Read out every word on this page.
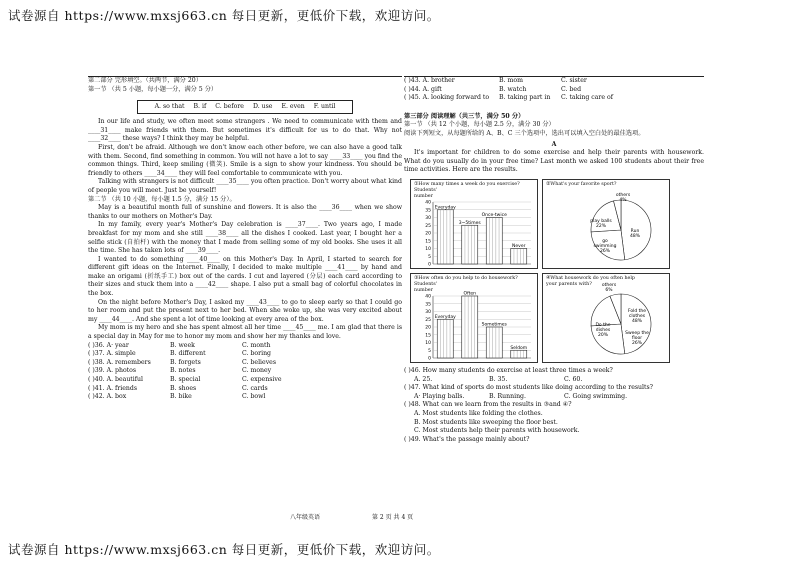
试卷源自 https://www.mxsj663.cn 每日更新，更低价下载，欢迎访问。
第二部分 完形填空。（共两节，满分 20）
第一节 （共 5 小题，每小题一分，满分 5 分）
A. so that B. if C. before D. use E. even F. until
In our life and study, we often meet some strangers . We need to communicate with them and ____31____ make friends with them. But sometimes it's difficult for us to do that. Why not ____32____ these ways? I think they may be helpful.
First, don't be afraid. Although we don't know each other before, we can also have a good talk with them. Second, find something in common. You will not have a lot to say ____33____ you find the common things. Third, keep smiling (微笑). Smile is a sign to show your kindness. You should be friendly to others ____34____ they will feel comfortable to communicate with you.
Talking with strangers is not difficult ____35____ you often practice. Don't worry about what kind of people you will meet. Just be yourself!
第二节 （共 10 小题，每小题 1.5 分，满分 15 分）。
May is a beautiful month full of sunshine and flowers. It is also the ____36____ when we show thanks to our mothers on Mother's Day.
In my family, every year's Mother's Day celebration is ____37____. Two years ago, I made breakfast for my mom and she still ____38____ all the dishes I cooked. Last year, I bought her a selfie stick (自拍杆) with the money that I made from selling some of my old books. She uses it all the time. She has taken lots of ____39____.
I wanted to do something ____40____ on this Mother's Day. In April, I started to search for different gift ideas on the Internet. Finally, I decided to make multiple ____41____ by hand and make an origami (折纸手工) box out of the cards. I cut and layered (分层) each card according to their sizes and stuck them into a ____42____ shape. I also put a small bag of colorful chocolates in the box.
On the night before Mother's Day, I asked my ____43____ to go to sleep early so that I could go to her room and put the present next to her bed. When she woke up, she was very excited about my ____44____. And she spent a lot of time looking at every area of the box.
My mom is my hero and she has spent almost all her time ____45____ me. I am glad that there is a special day in May for me to honor my mom and show her my thanks and love.
( )36. A· year	B. week	C. month
( )37. A. simple	B. different	C. boring
( )38. A. remembers	B. forgets	C. believes
( )39. A. photos	B. notes	C. money
( )40. A. beautiful	B. special	C. expensive
( )41. A. friends	B. shoes	C. cards
( )42. A. box	B. bike	C. bowl
( )43. A. brother	B. mom	C. sister
( )44. A. gift	B. watch	C. bed
( )45. A. looking forward to	B. taking part in	C. taking care of
第三部分 阅读理解（共三节，满分 50 分）
第一节 （共 12 个小题，每小题 2.5 分，满分 30 分）
阅读下列短文，从每题所给的 A、B、C 三个选项中，选出可以填入空白处的最佳选项。
A
It's important for children to do some exercise and help their parents with housework. What do you usually do in your free time? Last month we asked 100 students about their free time activities. Here are the results.
40
35
30
25
20
15
10
5
0
Everyday
3~5times
Once-twice
Never
①How many times a week do you exercise?
Students'
number	others
4%
play balls
22%
Run
48%
go
swimming
26%
②What's your favorite sport?
40
35
30
25
20
15
10
5
0
Everyday
Often
Sometimes
Seldom
③How often do you help to do housework?
Students'
number
others
6%
Do the
dishes
20%
Fold the
clothes
48%
Sweep the
floor
26%
④What housework do you often help your parents with?
( )46. How many students do exercise at least three times a week?
A. 25.	B. 35.	C. 60.
( )47. What kind of sports do most students like doing according to the results?
A· Playing balls.	B. Running.	C. Going swimming.
( )48. What can we learn from the results in ③and ④?
A. Most students like folding the clothes.
B. Most students like sweeping the floor best.
C. Most students help their parents with housework.
( )49. What's the passage mainly about?
八年级英语	第 2 页 共 4 页
试卷源自 https://www.mxsj663.cn 每日更新，更低价下载，欢迎访问。
